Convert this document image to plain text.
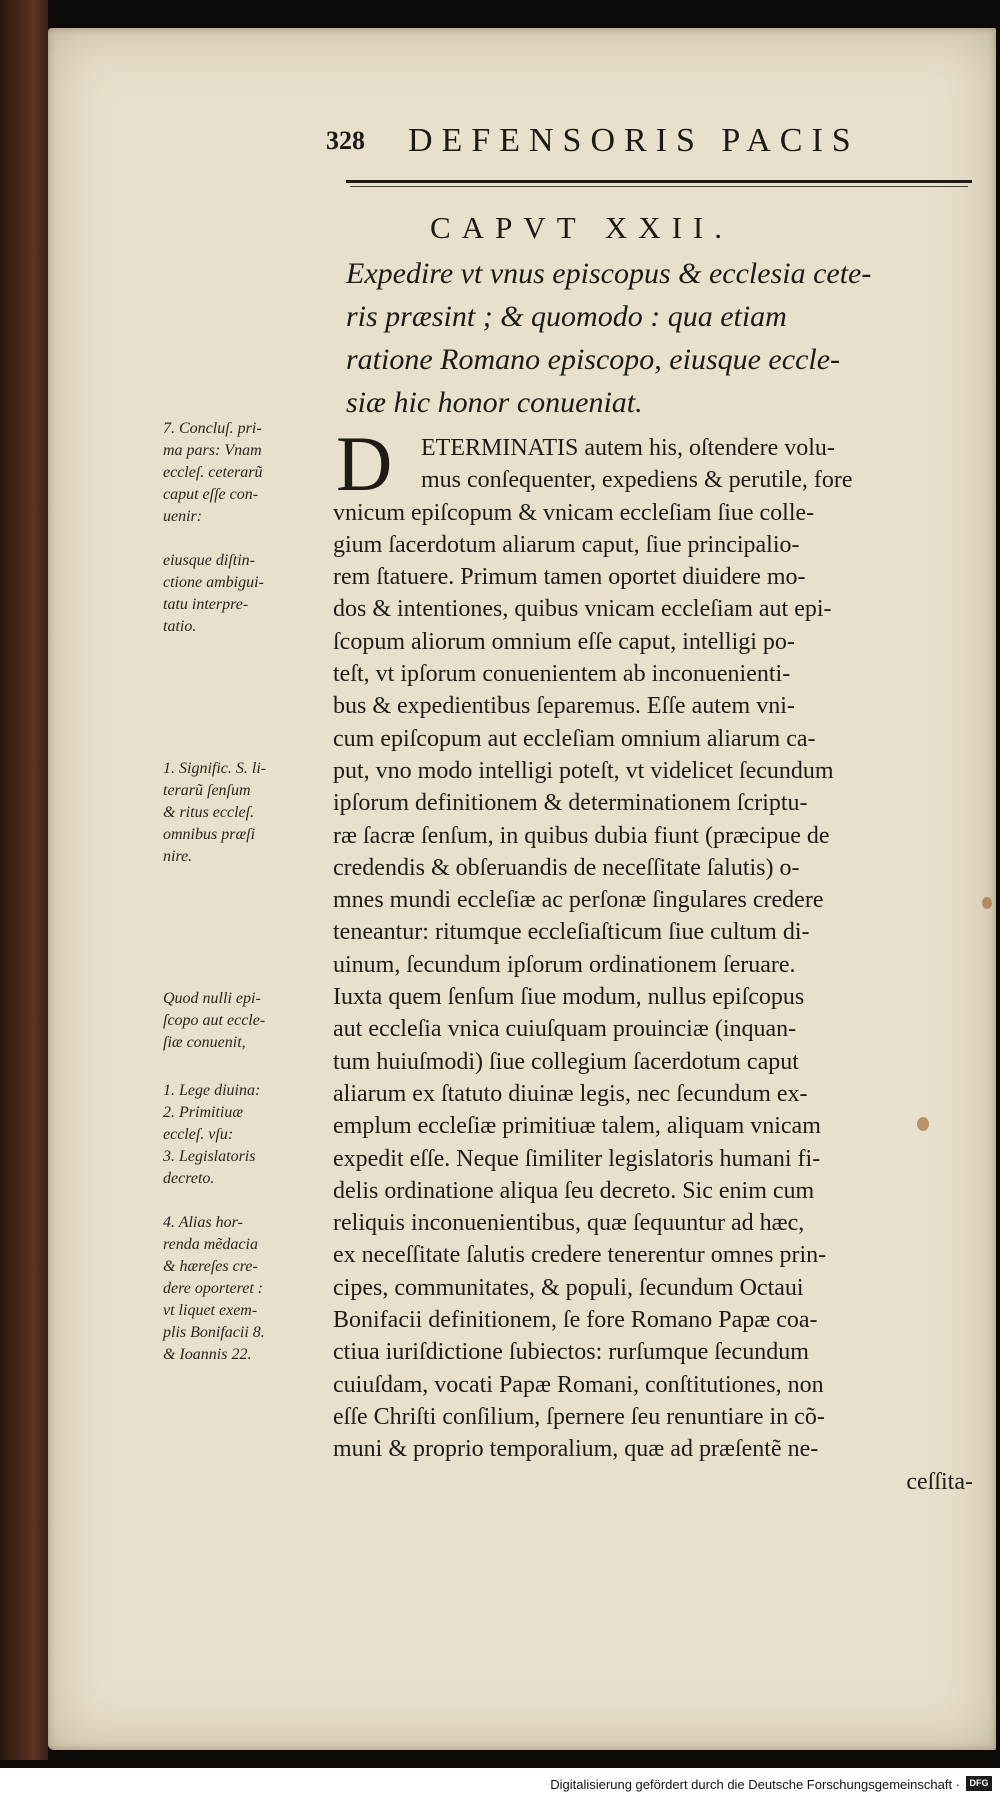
328 DEFENSORIS PACIS
CAPVT XXII.
Expedire vt vnus episcopus & ecclesia cete-
ris præsint ; & quomodo : qua etiam
ratione Romano episcopo, eiusque eccle-
siæ hic honor conueniat.
7. Concluſ. pri-
ma pars: Vnam
eccleſ. ceterarũ
caput eſſe con-
uenir:
eiusque diſtin-
ctione ambigui-
tatu interpre-
tatio.
1. Signific. S. li-
terarũ ſenſum
& ritus eccleſ.
omnibus præſi
nire.
Quod nulli epi-
ſcopo aut eccle-
ſiæ conuenit,
1. Lege diuina:
2. Primitiuæ
eccleſ. vſu:
3. Legislatoris
decreto.
4. Alias hor-
renda mẽdacia
& hæreſes cre-
dere oporteret :
vt liquet exem-
plis Bonifacii 8.
& Ioannis 22.
D	ETERMINATIS autem his, oſtendere volu-
mus conſequenter, expediens & perutile, fore
vnicum epiſcopum & vnicam eccleſiam ſiue colle-
gium ſacerdotum aliarum caput, ſiue principalio-
rem ſtatuere. Primum tamen oportet diuidere mo-
dos & intentiones, quibus vnicam eccleſiam aut epi-
ſcopum aliorum omnium eſſe caput, intelligi po-
teſt, vt ipſorum conuenientem ab inconuenienti-
bus & expedientibus ſeparemus. Eſſe autem vni-
cum epiſcopum aut eccleſiam omnium aliarum ca-
put, vno modo intelligi poteſt, vt videlicet ſecundum
ipſorum definitionem & determinationem ſcriptu-
ræ ſacræ ſenſum, in quibus dubia fiunt (præcipue de
credendis & obſeruandis de neceſſitate ſalutis) o-
mnes mundi eccleſiæ ac perſonæ ſingulares credere
teneantur: ritumque eccleſiaſticum ſiue cultum di-
uinum, ſecundum ipſorum ordinationem ſeruare.
Iuxta quem ſenſum ſiue modum, nullus epiſcopus
aut eccleſia vnica cuiuſquam prouinciæ (inquan-
tum huiuſmodi) ſiue collegium ſacerdotum caput
aliarum ex ſtatuto diuinæ legis, nec ſecundum ex-
emplum eccleſiæ primitiuæ talem, aliquam vnicam
expedit eſſe. Neque ſimiliter legislatoris humani fi-
delis ordinatione aliqua ſeu decreto. Sic enim cum
reliquis inconuenientibus, quæ ſequuntur ad hæc,
ex neceſſitate ſalutis credere tenerentur omnes prin-
cipes, communitates, & populi, ſecundum Octaui
Bonifacii definitionem, ſe fore Romano Papæ coa-
ctiua iuriſdictione ſubiectos: rurſumque ſecundum
cuiuſdam, vocati Papæ Romani, conſtitutiones, non
eſſe Chriſti conſilium, ſpernere ſeu renuntiare in cõ-
muni & proprio temporalium, quæ ad præſentẽ ne-
ceſſita-
Digitalisierung gefördert durch die Deutsche Forschungsgemeinschaft ·	DFG
